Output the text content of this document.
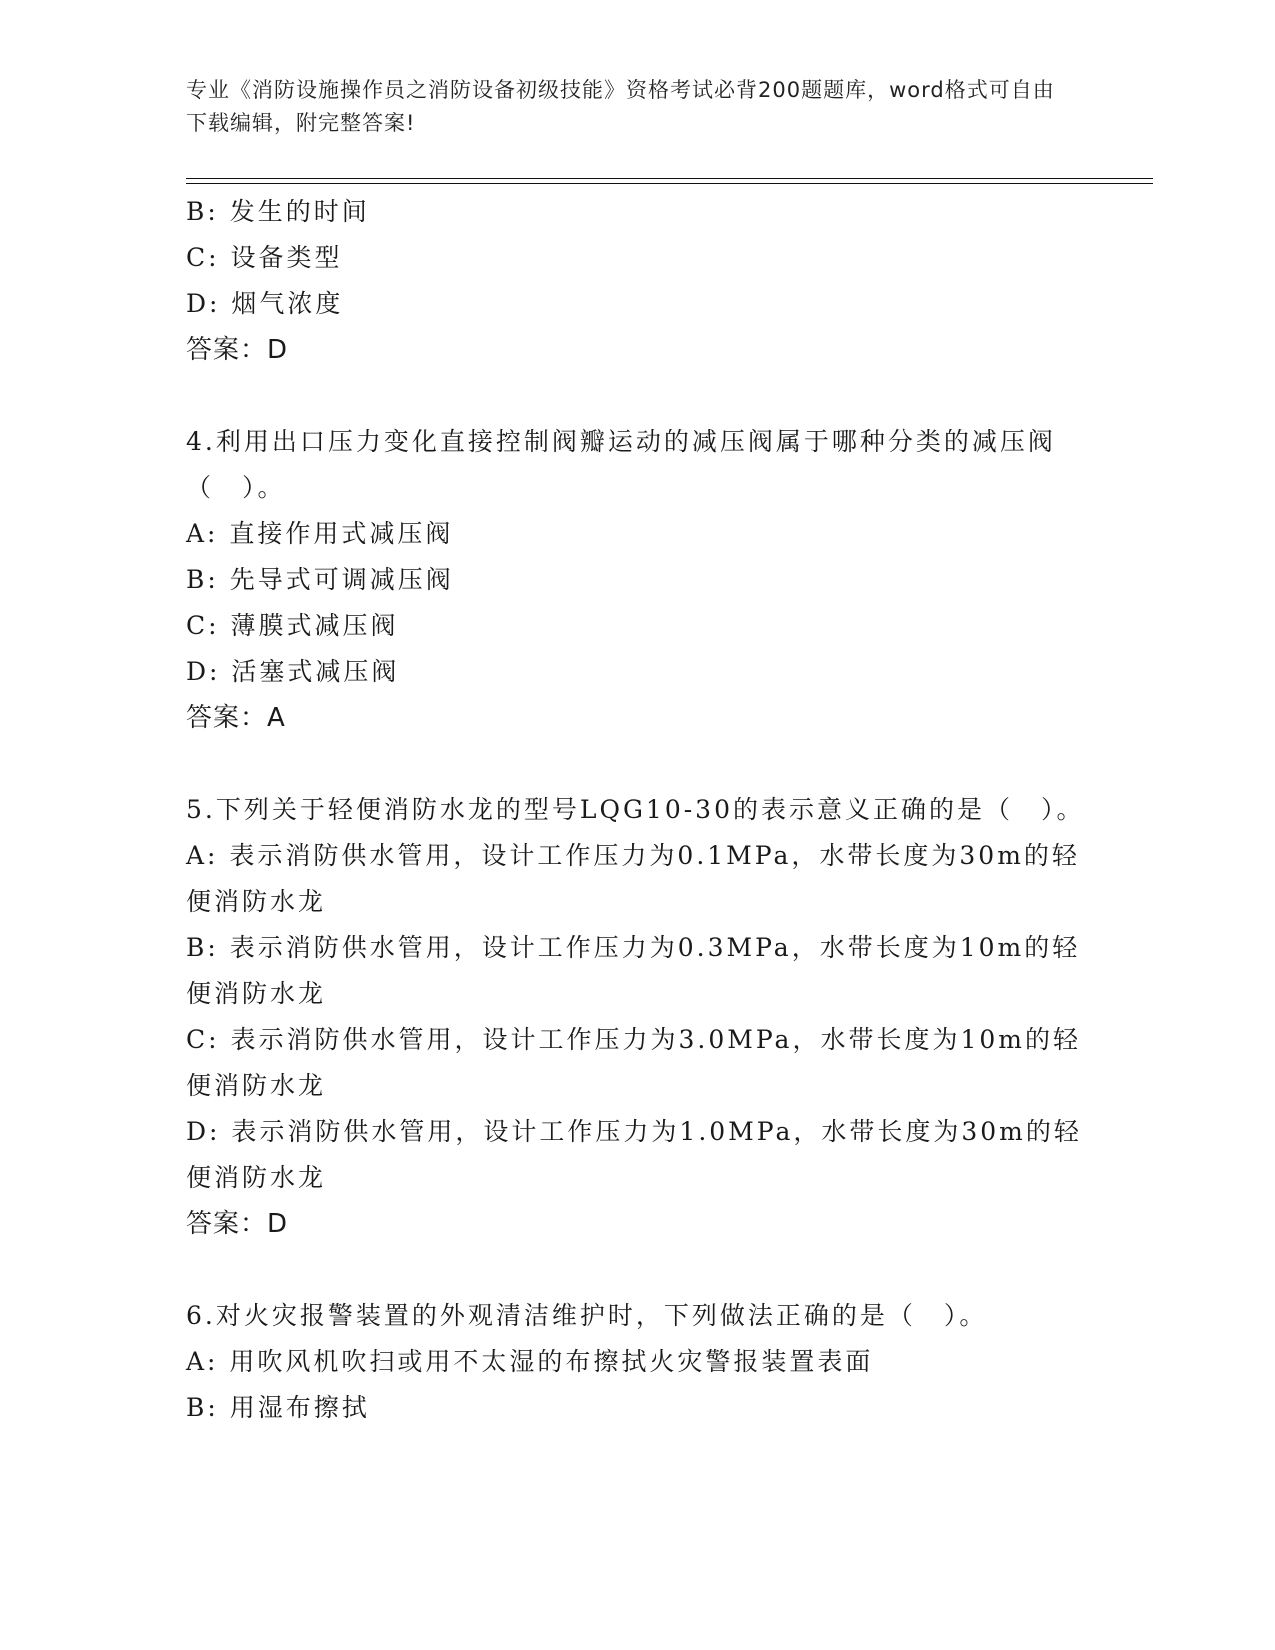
专业《消防设施操作员之消防设备初级技能》资格考试必背200题题库，word格式可自由下载编辑，附完整答案!

B: 发生的时间

C: 设备类型

D: 烟气浓度

答案：D

4.利用出口压力变化直接控制阀瓣运动的减压阀属于哪种分类的减压阀（　）。

A: 直接作用式减压阀

B: 先导式可调减压阀

C: 薄膜式减压阀

D: 活塞式减压阀

答案：A

5.下列关于轻便消防水龙的型号LQG10-30的表示意义正确的是（　）。

A: 表示消防供水管用，设计工作压力为0.1MPa，水带长度为30m的轻便消防水龙

B: 表示消防供水管用，设计工作压力为0.3MPa，水带长度为10m的轻便消防水龙

C: 表示消防供水管用，设计工作压力为3.0MPa，水带长度为10m的轻便消防水龙

D: 表示消防供水管用，设计工作压力为1.0MPa，水带长度为30m的轻便消防水龙

答案：D

6.对火灾报警装置的外观清洁维护时，下列做法正确的是（　）。

A: 用吹风机吹扫或用不太湿的布擦拭火灾警报装置表面

B: 用湿布擦拭
